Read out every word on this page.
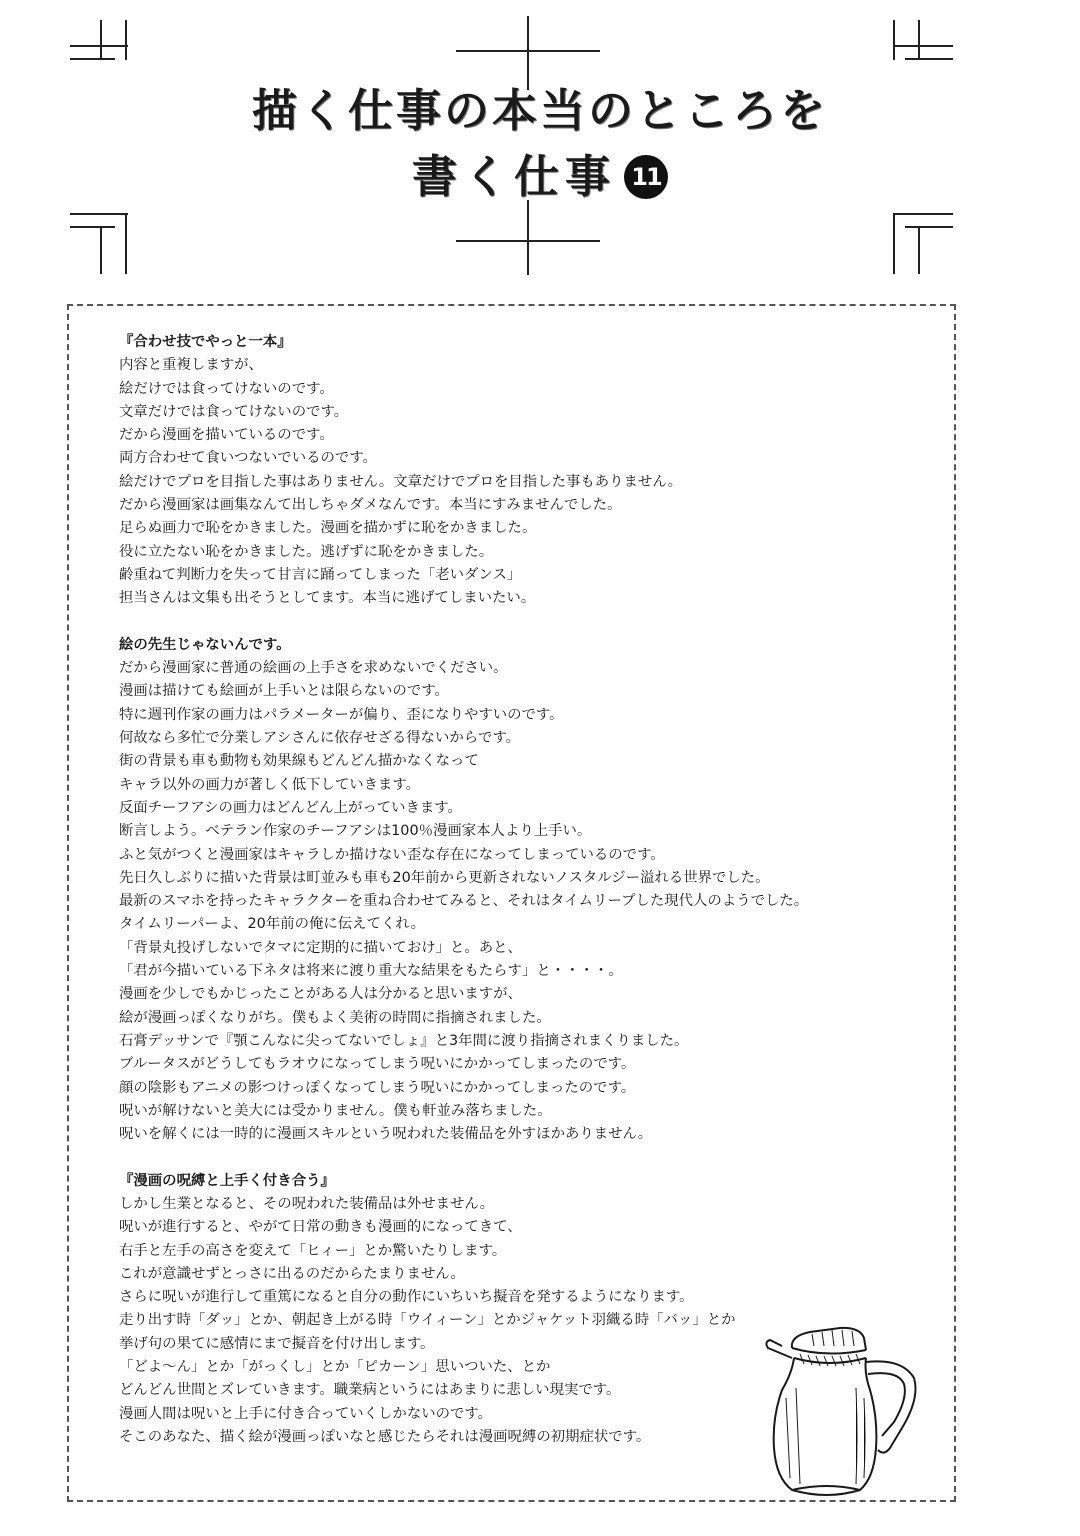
描く仕事の本当のところを
書く仕事 11
『合わせ技でやっと一本』
内容と重複しますが、
絵だけでは食ってけないのです。
文章だけでは食ってけないのです。
だから漫画を描いているのです。
両方合わせて食いつないでいるのです。
絵だけでプロを目指した事はありません。文章だけでプロを目指した事もありません。
だから漫画家は画集なんて出しちゃダメなんです。本当にすみませんでした。
足らぬ画力で恥をかきました。漫画を描かずに恥をかきました。
役に立たない恥をかきました。逃げずに恥をかきました。
齢重ねて判断力を失って甘言に踊ってしまった「老いダンス」
担当さんは文集も出そうとしてます。本当に逃げてしまいたい。
絵の先生じゃないんです。
だから漫画家に普通の絵画の上手さを求めないでください。
漫画は描けても絵画が上手いとは限らないのです。
特に週刊作家の画力はパラメーターが偏り、歪になりやすいのです。
何故なら多忙で分業しアシさんに依存せざる得ないからです。
街の背景も車も動物も効果線もどんどん描かなくなって
キャラ以外の画力が著しく低下していきます。
反面チーフアシの画力はどんどん上がっていきます。
断言しよう。ベテラン作家のチーフアシは100％漫画家本人より上手い。
ふと気がつくと漫画家はキャラしか描けない歪な存在になってしまっているのです。
先日久しぶりに描いた背景は町並みも車も20年前から更新されないノスタルジー溢れる世界でした。
最新のスマホを持ったキャラクターを重ね合わせてみると、それはタイムリープした現代人のようでした。
タイムリーパーよ、20年前の俺に伝えてくれ。
「背景丸投げしないでタマに定期的に描いておけ」と。あと、
「君が今描いている下ネタは将来に渡り重大な結果をもたらす」と・・・・。
漫画を少しでもかじったことがある人は分かると思いますが、
絵が漫画っぽくなりがち。僕もよく美術の時間に指摘されました。
石膏デッサンで『顎こんなに尖ってないでしょ』と3年間に渡り指摘されまくりました。
ブルータスがどうしてもラオウになってしまう呪いにかかってしまったのです。
顔の陰影もアニメの影つけっぽくなってしまう呪いにかかってしまったのです。
呪いが解けないと美大には受かりません。僕も軒並み落ちました。
呪いを解くには一時的に漫画スキルという呪われた装備品を外すほかありません。
『漫画の呪縛と上手く付き合う』
しかし生業となると、その呪われた装備品は外せません。
呪いが進行すると、やがて日常の動きも漫画的になってきて、
右手と左手の高さを変えて「ヒィー」とか驚いたりします。
これが意識せずとっさに出るのだからたまりません。
さらに呪いが進行して重篤になると自分の動作にいちいち擬音を発するようになります。
走り出す時「ダッ」とか、朝起き上がる時「ウイィーン」とかジャケット羽織る時「バッ」とか
挙げ句の果てに感情にまで擬音を付け出します。
「どよ〜ん」とか「がっくし」とか「ピカーン」思いついた、とか
どんどん世間とズレていきます。職業病というにはあまりに悲しい現実です。
漫画人間は呪いと上手に付き合っていくしかないのです。
そこのあなた、描く絵が漫画っぽいなと感じたらそれは漫画呪縛の初期症状です。
